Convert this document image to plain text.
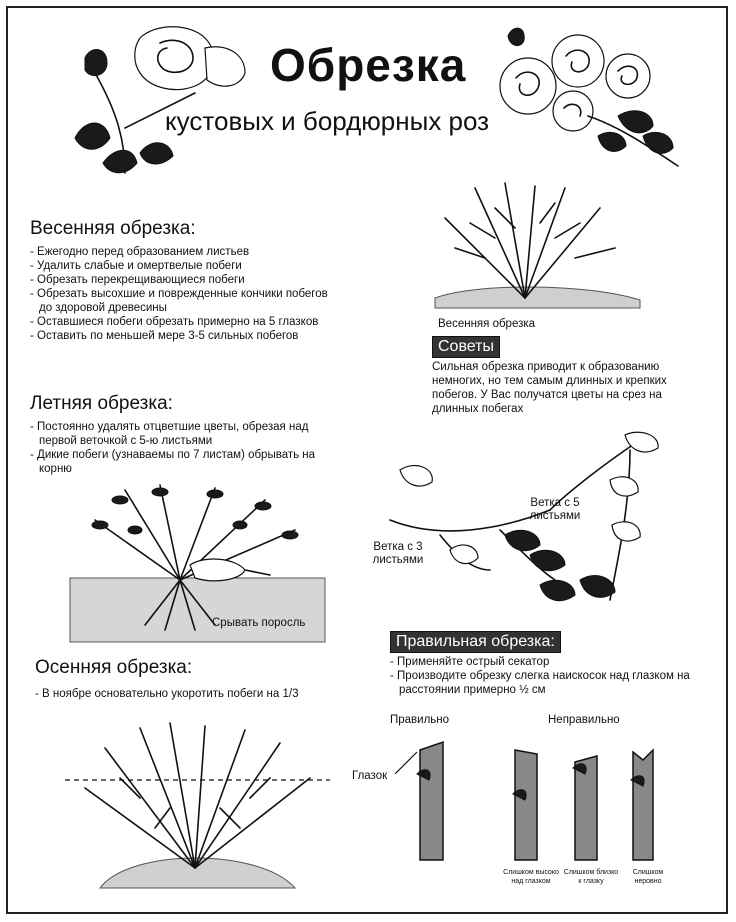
Обрезка
кустовых и бордюрных роз
Весенняя обрезка:
- Ежегодно перед образованием листьев
- Удалить слабые и омертвелые побеги
- Обрезать перекрещивающиеся побеги
- Обрезать высохшие и поврежденные кончики побегов до здоровой древесины
- Оставшиеся побеги обрезать примерно на 5 глазков
- Оставить по меньшей мере 3-5 сильных побегов
Весенняя обрезка
Советы
Сильная обрезка приводит к образованию немногих, но тем самым длинных и крепких побегов. У Вас получатся цветы на срез на длинных побегах
Летняя обрезка:
- Постоянно удалять отцветшие цветы, обрезая над первой веточкой с 5-ю листьями
- Дикие побеги (узнаваемы по 7 листам) обрывать на корню
Срывать поросль
Ветка с 5 листьями
Ветка с 3 листьями
Осенняя обрезка:
- В ноябре основательно укоротить побеги на 1/3
Правильная обрезка:
- Применяйте острый секатор
- Производите обрезку слегка наискосок над глазком на расстоянии примерно ½ см
Правильно	Неправильно
Глазок
Слишком высоко над глазком
Слишком близко к глазку
Слишком неровно
